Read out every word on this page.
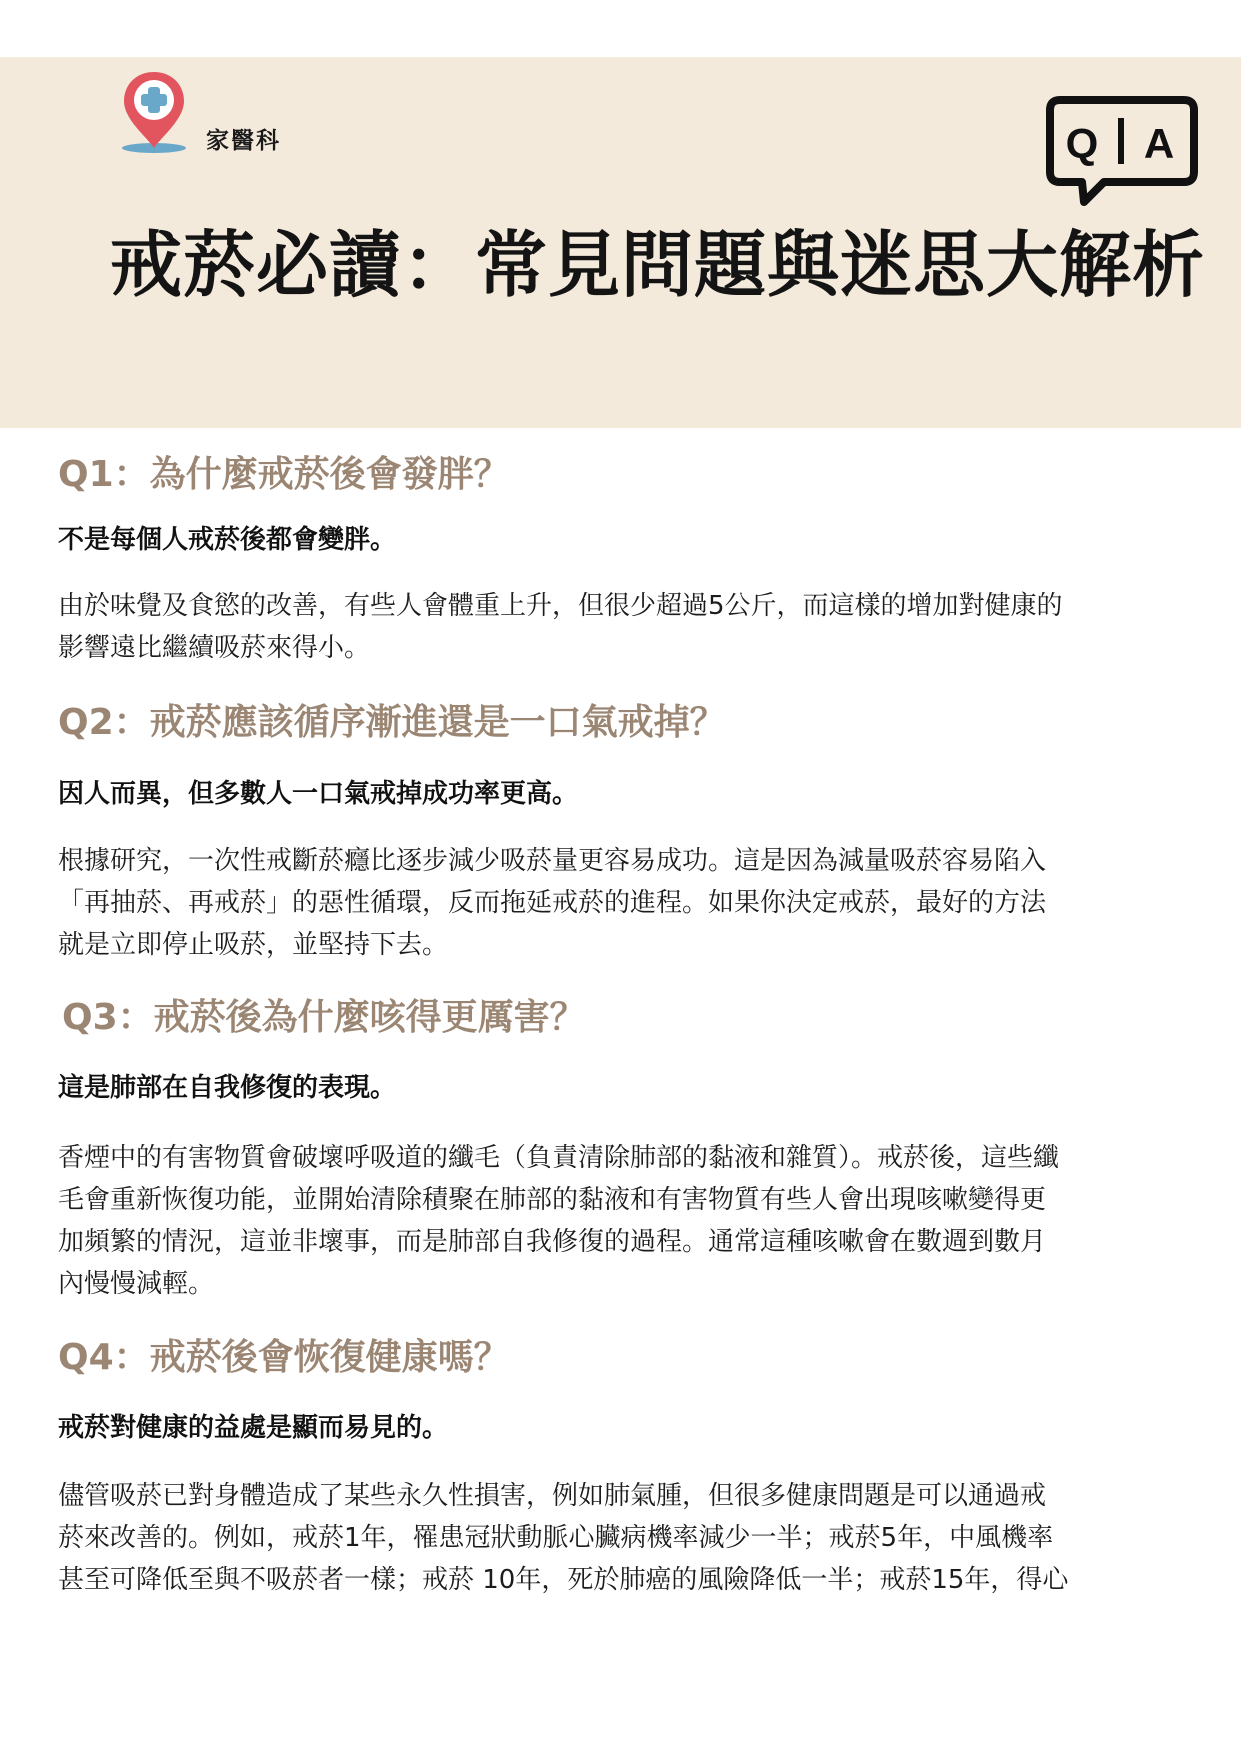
家醫科	Q A
戒菸必讀：常見問題與迷思大解析
Q1：為什麼戒菸後會發胖？
不是每個人戒菸後都會變胖。
由於味覺及食慾的改善，有些人會體重上升，但很少超過5公斤，而這樣的增加對健康的
影響遠比繼續吸菸來得小。
Q2：戒菸應該循序漸進還是一口氣戒掉？
因人而異，但多數人一口氣戒掉成功率更高。
根據研究，一次性戒斷菸癮比逐步減少吸菸量更容易成功。這是因為減量吸菸容易陷入
「再抽菸、再戒菸」的惡性循環，反而拖延戒菸的進程。如果你決定戒菸，最好的方法
就是立即停止吸菸，並堅持下去。
Q3：戒菸後為什麼咳得更厲害？
這是肺部在自我修復的表現。
香煙中的有害物質會破壞呼吸道的纖毛（負責清除肺部的黏液和雜質）。戒菸後，這些纖
毛會重新恢復功能，並開始清除積聚在肺部的黏液和有害物質有些人會出現咳嗽變得更
加頻繁的情況，這並非壞事，而是肺部自我修復的過程。通常這種咳嗽會在數週到數月
內慢慢減輕。
Q4：戒菸後會恢復健康嗎？
戒菸對健康的益處是顯而易見的。
儘管吸菸已對身體造成了某些永久性損害，例如肺氣腫，但很多健康問題是可以通過戒
菸來改善的。例如，戒菸1年，罹患冠狀動脈心臟病機率減少一半；戒菸5年，中風機率
甚至可降低至與不吸菸者一樣；戒菸 10年，死於肺癌的風險降低一半；戒菸15年，得心
